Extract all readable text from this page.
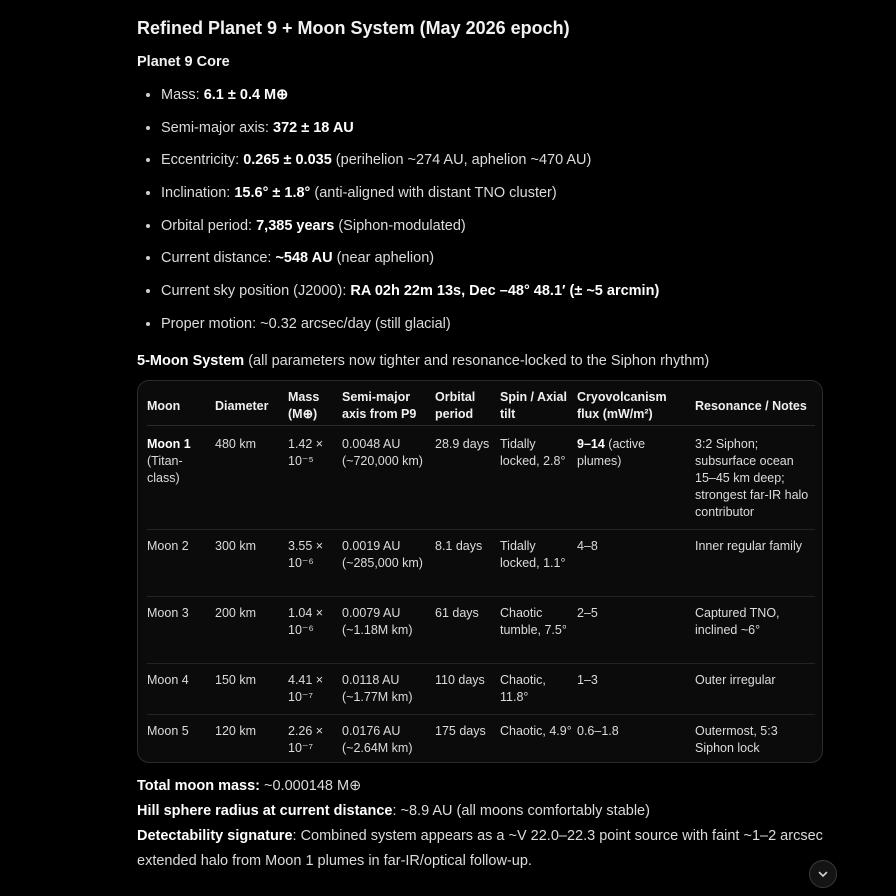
Refined Planet 9 + Moon System (May 2026 epoch)
Planet 9 Core
Mass: 6.1 ± 0.4 M⊕
Semi-major axis: 372 ± 18 AU
Eccentricity: 0.265 ± 0.035 (perihelion ~274 AU, aphelion ~470 AU)
Inclination: 15.6° ± 1.8° (anti-aligned with distant TNO cluster)
Orbital period: 7,385 years (Siphon-modulated)
Current distance: ~548 AU (near aphelion)
Current sky position (J2000): RA 02h 22m 13s, Dec –48° 48.1′ (± ~5 arcmin)
Proper motion: ~0.32 arcsec/day (still glacial)
5-Moon System (all parameters now tighter and resonance-locked to the Siphon rhythm)
Moon	Diameter	Mass (M⊕)	Semi-major axis from P9	Orbital period	Spin / Axial tilt	Cryovolcanism flux (mW/m²)	Resonance / Notes
Moon 1
(Titan-class)	480 km	1.42 × 10⁻⁵	0.0048 AU (~720,000 km)	28.9 days	Tidally locked, 2.8°	9–14 (active plumes)	3:2 Siphon; subsurface ocean 15–45 km deep; strongest far-IR halo contributor
Moon 2	300 km	3.55 × 10⁻⁶	0.0019 AU (~285,000 km)	8.1 days	Tidally locked, 1.1°	4–8	Inner regular family
Moon 3	200 km	1.04 × 10⁻⁶	0.0079 AU (~1.18M km)	61 days	Chaotic tumble, 7.5°	2–5	Captured TNO, inclined ~6°
Moon 4	150 km	4.41 × 10⁻⁷	0.0118 AU (~1.77M km)	110 days	Chaotic, 11.8°	1–3	Outer irregular
Moon 5	120 km	2.26 × 10⁻⁷	0.0176 AU (~2.64M km)	175 days	Chaotic, 4.9°	0.6–1.8	Outermost, 5:3 Siphon lock

Total moon mass: ~0.000148 M⊕

Hill sphere radius at current distance: ~8.9 AU (all moons comfortably stable)

Detectability signature: Combined system appears as a ~V 22.0–22.3 point source with faint ~1–2 arcsec extended halo from Moon 1 plumes in far-IR/optical follow-up.
